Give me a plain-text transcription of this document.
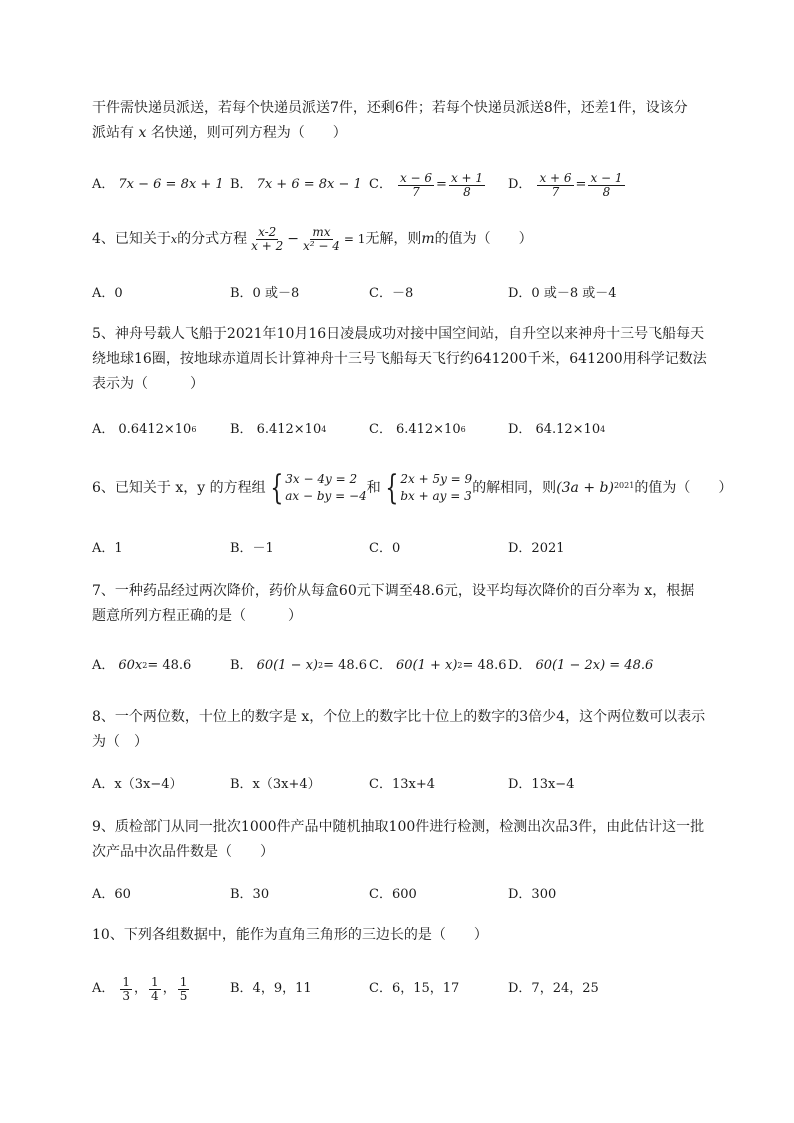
干件需快递员派送，若每个快递员派送7件，还剩6件；若每个快递员派送8件，还差1件，设该分
派站有 x 名快递，则可列方程为（　　）
A． 7x − 6 = 8x + 1 B． 7x + 6 = 8x − 1 C． $\frac{x - 6}{7} = \frac{x + 1}{8}$ D． $\frac{x + 6}{7} = \frac{x - 1}{8}$
4、已知关于 x 的分式方程 $\frac{x-2}{x + 2} - \frac{mx}{\text{x² − 4}} = 1$ 无解，则 m 的值为（　　）
A．0	B．0 或－8	C．－8	D．0 或－8 或－4
5、神舟号载人飞船于2021年10月16日凌晨成功对接中国空间站，自升空以来神舟十三号飞船每天
绕地球16圈，按地球赤道周长计算神舟十三号飞船每天飞行约641200千米，641200用科学记数法
表示为（　　　）
A． 0.6412×10 6	B． 6.412×10 4	C． 6.412×10 6	D． 64.12×10 4
6、已知关于 x，y 的方程组 { 3x − 4y = 2
ax − by = −4
和 { 2x + 5y = 9
bx + ay = 3
的解相同，则 (3a + b) 2021 的值为（　　）
A．1	B．－1	C．0	D．2021
7、一种药品经过两次降价，药价从每盒60元下调至48.6元，设平均每次降价的百分率为 x，根据
题意所列方程正确的是（　　　）
A． 60x 2 = 48.6	B． 60(1 − x) 2 = 48.6 C． 60(1 + x) 2 = 48.6 D． 60(1 − 2x) = 48.6
8、一个两位数，十位上的数字是 x，个位上的数字比十位上的数字的3倍少4，这个两位数可以表示
为（　）
A．x（3x−4）	B．x（3x+4）	C．13x+4	D．13x−4
9、质检部门从同一批次1000件产品中随机抽取100件进行检测，检测出次品3件，由此估计这一批
次产品中次品件数是（　　）
A．60	B．30	C．600	D．300
10、下列各组数据中，能作为直角三角形的三边长的是（　　）
A． $\frac{1}{3}$ ， $\frac{1}{4}$ ， $\frac{1}{5}$	B．4，9，11	C．6，15，17	D．7，24，25
